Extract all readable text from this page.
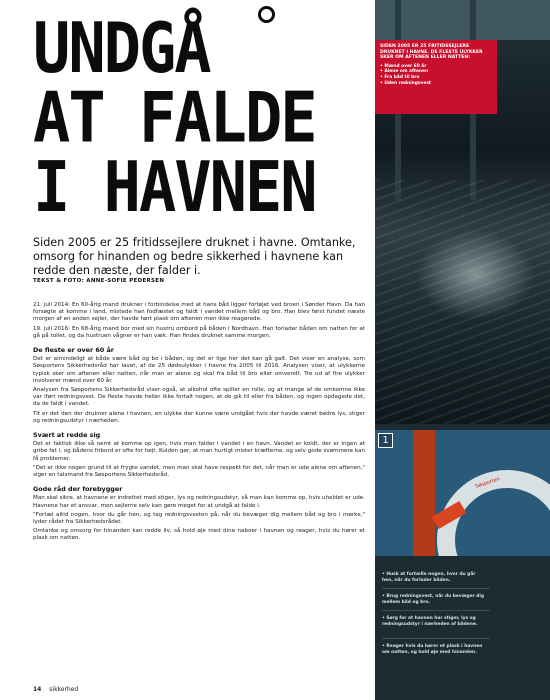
UNDGÅ
AT FALDE
I HAVNEN
Siden 2005 er 25 fritidssejlere druknet i havne. Omtanke, omsorg for hinanden og bedre sikkerhed i havnene kan redde den næste, der falder i.
TEKST & FOTO: ANNE-SOFIE PEDERSEN

21. juli 2014: En 60-årig mand drukner i forbindelse med at hans båd ligger fortøjet ved broen i Sønder Havn. Da han forsøgte at komme i land, mistede han fodfæstet og faldt i vandet mellem båd og bro. Han blev først fundet næste morgen af en anden sejler, der havde hørt plask om aftenen men ikke reagerede.

19. juli 2016: En 68-årig mand bor med sin hustru ombord på båden i Nordhavn. Han forlader båden om natten for at gå på toilet, og da hustruen vågner er han væk. Han findes druknet samme morgen.

De fleste er over 60 år

Det er almindeligt at både være båd og bo i båden, og det er lige her det kan gå galt. Det viser en analyse, som Søsportens Sikkerhedsråd har lavet, af de 25 dødsulykker i havne fra 2005 til 2016. Analysen viser, at ulykkerne typisk sker om aftenen eller natten, når man er alene og skal fra båd til bro eller omvendt. Tre ud af fire ulykker involverer mænd over 60 år.

Analysen fra Søsportens Sikkerhedsråd viser også, at alkohol ofte spiller en rolle, og at mange af de omkomne ikke var iført redningsvest. De fleste havde heller ikke fortalt nogen, at de gik til eller fra båden, og ingen opdagede det, da de faldt i vandet.

Tit er det den der drukner alene i havnen, en ulykke der kunne være undgået hvis der havde været bedre lys, stiger og redningsudstyr i nærheden.

Svært at redde sig

Det er faktisk ikke så nemt at komme op igen, hvis man falder i vandet i en havn. Vandet er koldt, der er ingen at gribe fat i, og bådens fribord er ofte for højt. Kulden gør, at man hurtigt mister kræfterne, og selv gode svømmere kan få problemer.

"Det er ikke nogen grund til at frygte vandet, men man skal have respekt for det, når man er ude alene om aftenen," siger en talsmand fra Søsportens Sikkerhedsråd.

Gode råd der forebygger

Man skal sikre, at havnene er indrettet med stiger, lys og redningsudstyr, så man kan komme op, hvis uheldet er ude. Havnene har et ansvar, men sejlerne selv kan gøre meget for at undgå at falde i.

"Fortæl altid nogen, hvor du går hen, og tag redningsvesten på, når du bevæger dig mellem båd og bro i mørke," lyder rådet fra Sikkerhedsrådet.

Omtanke og omsorg for hinanden kan redde liv, så hold øje med dine naboer i havnen og reager, hvis du hører et plask om natten.

14 sikkerhed
SIDEN 2005 ER 25 FRITIDSSEJLERE DRUKNET I HAVNE. DE FLESTE ULYKKER SKER OM AFTENEN ELLER NATTEN:
• Mænd over 60 år
• Alene om aftenen
• Fra båd til bro
• Uden redningsvest
Søsporten
1
• Husk at fortælle nogen, hvor du går hen, når du forlader båden.
• Brug redningsvest, når du bevæger dig mellem båd og bro.
• Sørg for at havnen har stiger, lys og redningsudstyr i nærheden af bådene.
• Reager hvis du hører et plask i havnen om natten, og hold øje med hinanden.
